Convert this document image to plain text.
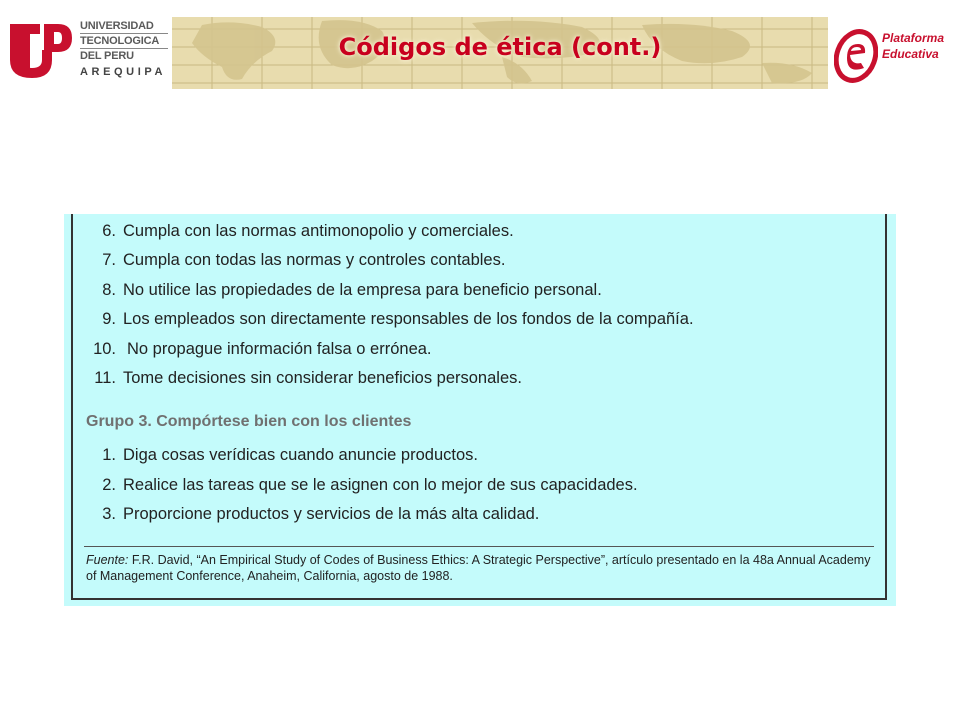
UNIVERSIDAD
TECNOLOGICA
DEL PERU
AREQUIPA
Códigos de ética (cont.)	Plataforma
Educativa
6. Cumpla con las normas antimonopolio y comerciales.
7. Cumpla con todas las normas y controles contables.
8. No utilice las propiedades de la empresa para beneficio personal.
9. Los empleados son directamente responsables de los fondos de la compañía.
10. No propague información falsa o errónea.
11. Tome decisiones sin considerar beneficios personales.
Grupo 3. Compórtese bien con los clientes
1. Diga cosas verídicas cuando anuncie productos.
2. Realice las tareas que se le asignen con lo mejor de sus capacidades.
3. Proporcione productos y servicios de la más alta calidad.
Fuente: F.R. David, “An Empirical Study of Codes of Business Ethics: A Strategic Perspective”, artículo presentado en la 48a Annual Academy of Management Conference, Anaheim, California, agosto de 1988.
